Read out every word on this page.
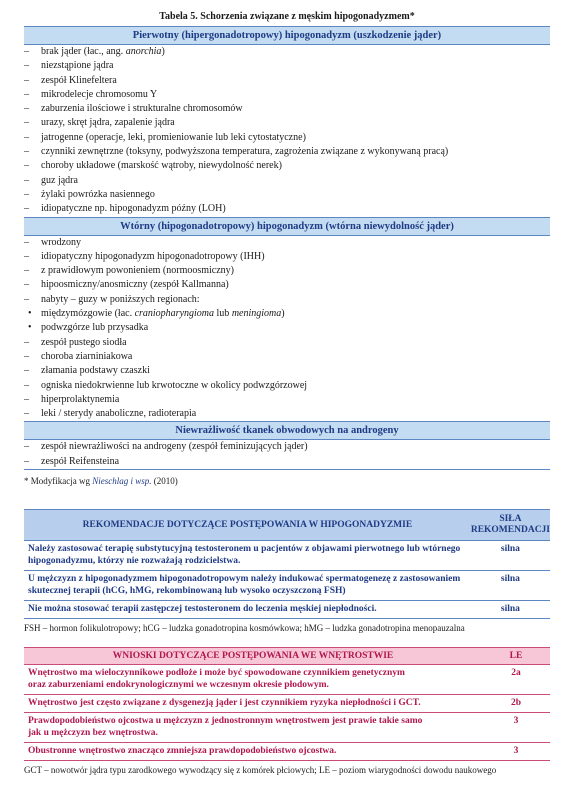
Tabela 5. Schorzenia związane z męskim hipogonadyzmem*
Pierwotny (hipergonadotropowy) hipogonadyzm (uszkodzenie jąder)
– brak jąder (łac., ang. anorchia)
– niezstąpione jądra
– zespół Klinefeltera
– mikrodelecje chromosomu Y
– zaburzenia ilościowe i strukturalne chromosomów
– urazy, skręt jądra, zapalenie jądra
– jatrogenne (operacje, leki, promieniowanie lub leki cytostatyczne)
– czynniki zewnętrzne (toksyny, podwyższona temperatura, zagrożenia związane z wykonywaną pracą)
– choroby układowe (marskość wątroby, niewydolność nerek)
– guz jądra
– żylaki powrózka nasiennego
– idiopatyczne np. hipogonadyzm późny (LOH)
Wtórny (hipogonadotropowy) hipogonadyzm (wtórna niewydolność jąder)
– wrodzony
– idiopatyczny hipogonadyzm hipogonadotropowy (IHH)
– z prawidłowym powonieniem (normoosmiczny)
– hipoosmiczny/anosmiczny (zespół Kallmanna)
– nabyty – guzy w poniższych regionach:
• międzymózgowie (łac. craniopharyngioma lub meningioma)
• podwzgórze lub przysadka
– zespół pustego siodła
– choroba ziarniniakowa
– złamania podstawy czaszki
– ogniska niedokrwienne lub krwotoczne w okolicy podwzgórzowej
– hiperprolaktynemia
– leki / sterydy anaboliczne, radioterapia
Niewrażliwość tkanek obwodowych na androgeny
– zespół niewrażliwości na androgeny (zespół feminizujących jąder)
– zespół Reifensteina
* Modyfikacja wg Nieschlag i wsp. (2010)
REKOMENDACJE DOTYCZĄCE POSTĘPOWANIA W HIPOGONADYZMIE	SIŁA
REKOMENDACJI

Należy zastosować terapię substytucyjną testosteronem u pacjentów z objawami pierwotnego lub wtórnego
hipogonadyzmu, którzy nie rozważają rodzicielstwa.	silna

U mężczyzn z hipogonadyzmem hipogonadotropowym należy indukować spermatogenezę z zastosowaniem
skutecznej terapii (hCG, hMG, rekombinowaną lub wysoko oczyszczoną FSH)	silna

Nie można stosować terapii zastępczej testosteronem do leczenia męskiej niepłodności.	silna
FSH – hormon folikulotropowy; hCG – ludzka gonadotropina kosmówkowa; hMG – ludzka gonadotropina menopauzalna
WNIOSKI DOTYCZĄCE POSTĘPOWANIA WE WNĘTROSTWIE	LE

Wnętrostwo ma wieloczynnikowe podłoże i może być spowodowane czynnikiem genetycznym
oraz zaburzeniami endokrynologicznymi we wczesnym okresie płodowym.	2a

Wnętrostwo jest często związane z dysgenezją jąder i jest czynnikiem ryzyka niepłodności i GCT.	2b

Prawdopodobieństwo ojcostwa u mężczyzn z jednostronnym wnętrostwem jest prawie takie samo
jak u mężczyzn bez wnętrostwa.	3

Obustronne wnętrostwo znacząco zmniejsza prawdopodobieństwo ojcostwa.	3
GCT – nowotwór jądra typu zarodkowego wywodzący się z komórek płciowych; LE – poziom wiarygodności dowodu naukowego
